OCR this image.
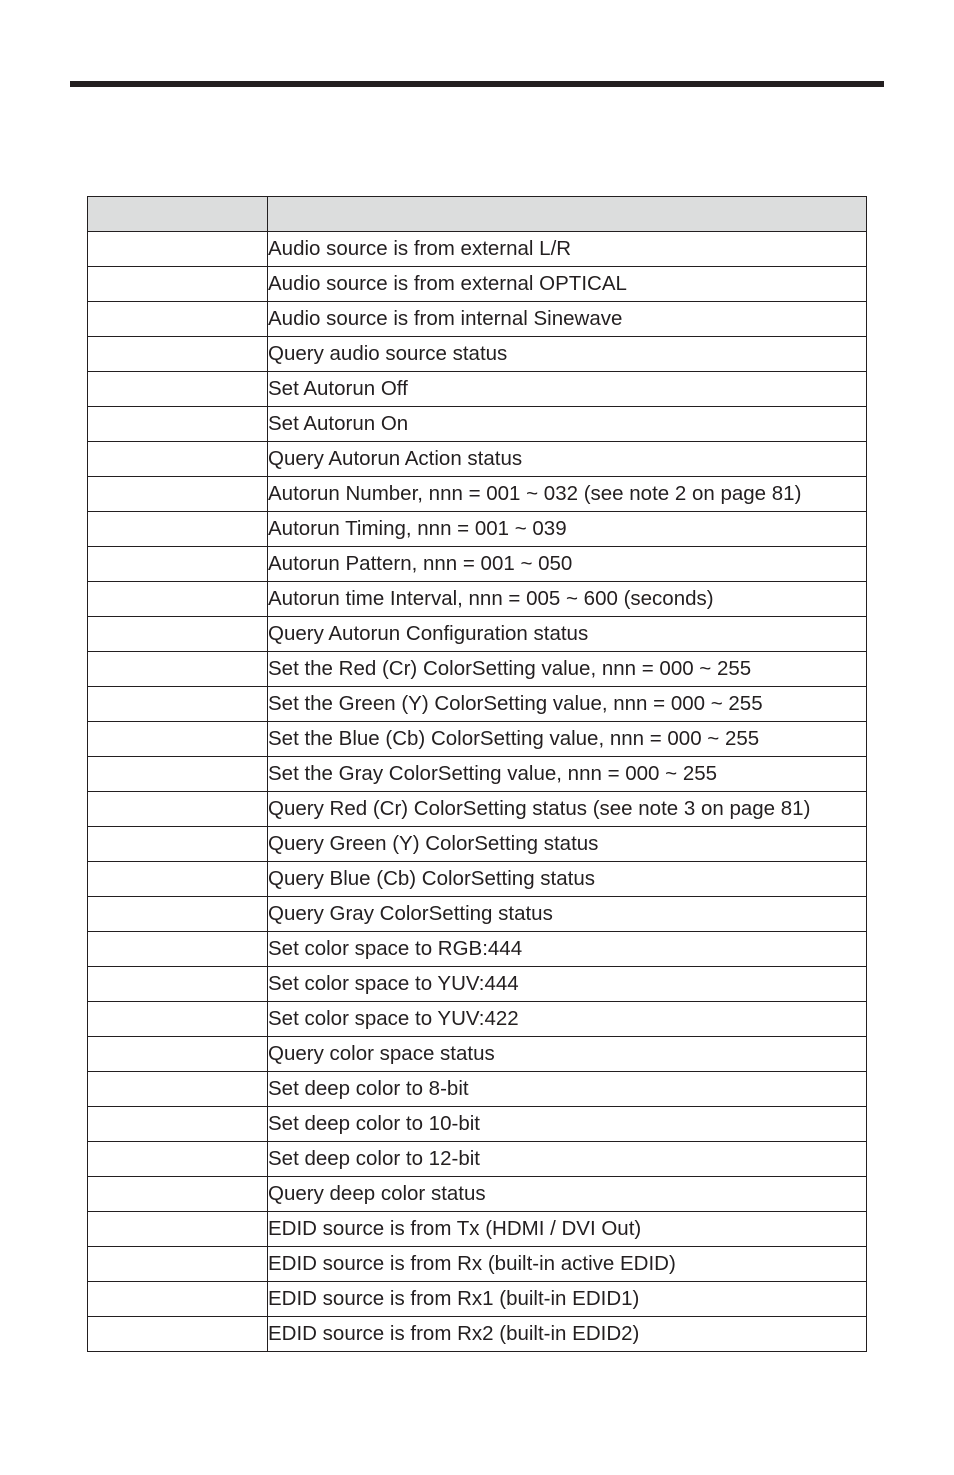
	Audio source is from external L/R
	Audio source is from external OPTICAL
	Audio source is from internal Sinewave
	Query audio source status
	Set Autorun Off
	Set Autorun On
	Query Autorun Action status
	Autorun Number, nnn = 001 ~ 032 (see note 2 on page 81)
	Autorun Timing, nnn = 001 ~ 039
	Autorun Pattern, nnn = 001 ~ 050
	Autorun time Interval, nnn = 005 ~ 600 (seconds)
	Query Autorun Configuration status
	Set the Red (Cr) ColorSetting value, nnn = 000 ~ 255
	Set the Green (Y) ColorSetting value, nnn = 000 ~ 255
	Set the Blue (Cb) ColorSetting value, nnn = 000 ~ 255
	Set the Gray ColorSetting value, nnn = 000 ~ 255
	Query Red (Cr) ColorSetting status (see note 3 on page 81)
	Query Green (Y) ColorSetting status
	Query Blue (Cb) ColorSetting status
	Query Gray ColorSetting status
	Set color space to RGB:444
	Set color space to YUV:444
	Set color space to YUV:422
	Query color space status
	Set deep color to 8-bit
	Set deep color to 10-bit
	Set deep color to 12-bit
	Query deep color status
	EDID source is from Tx (HDMI / DVI Out)
	EDID source is from Rx (built-in active EDID)
	EDID source is from Rx1 (built-in EDID1)
	EDID source is from Rx2 (built-in EDID2)
